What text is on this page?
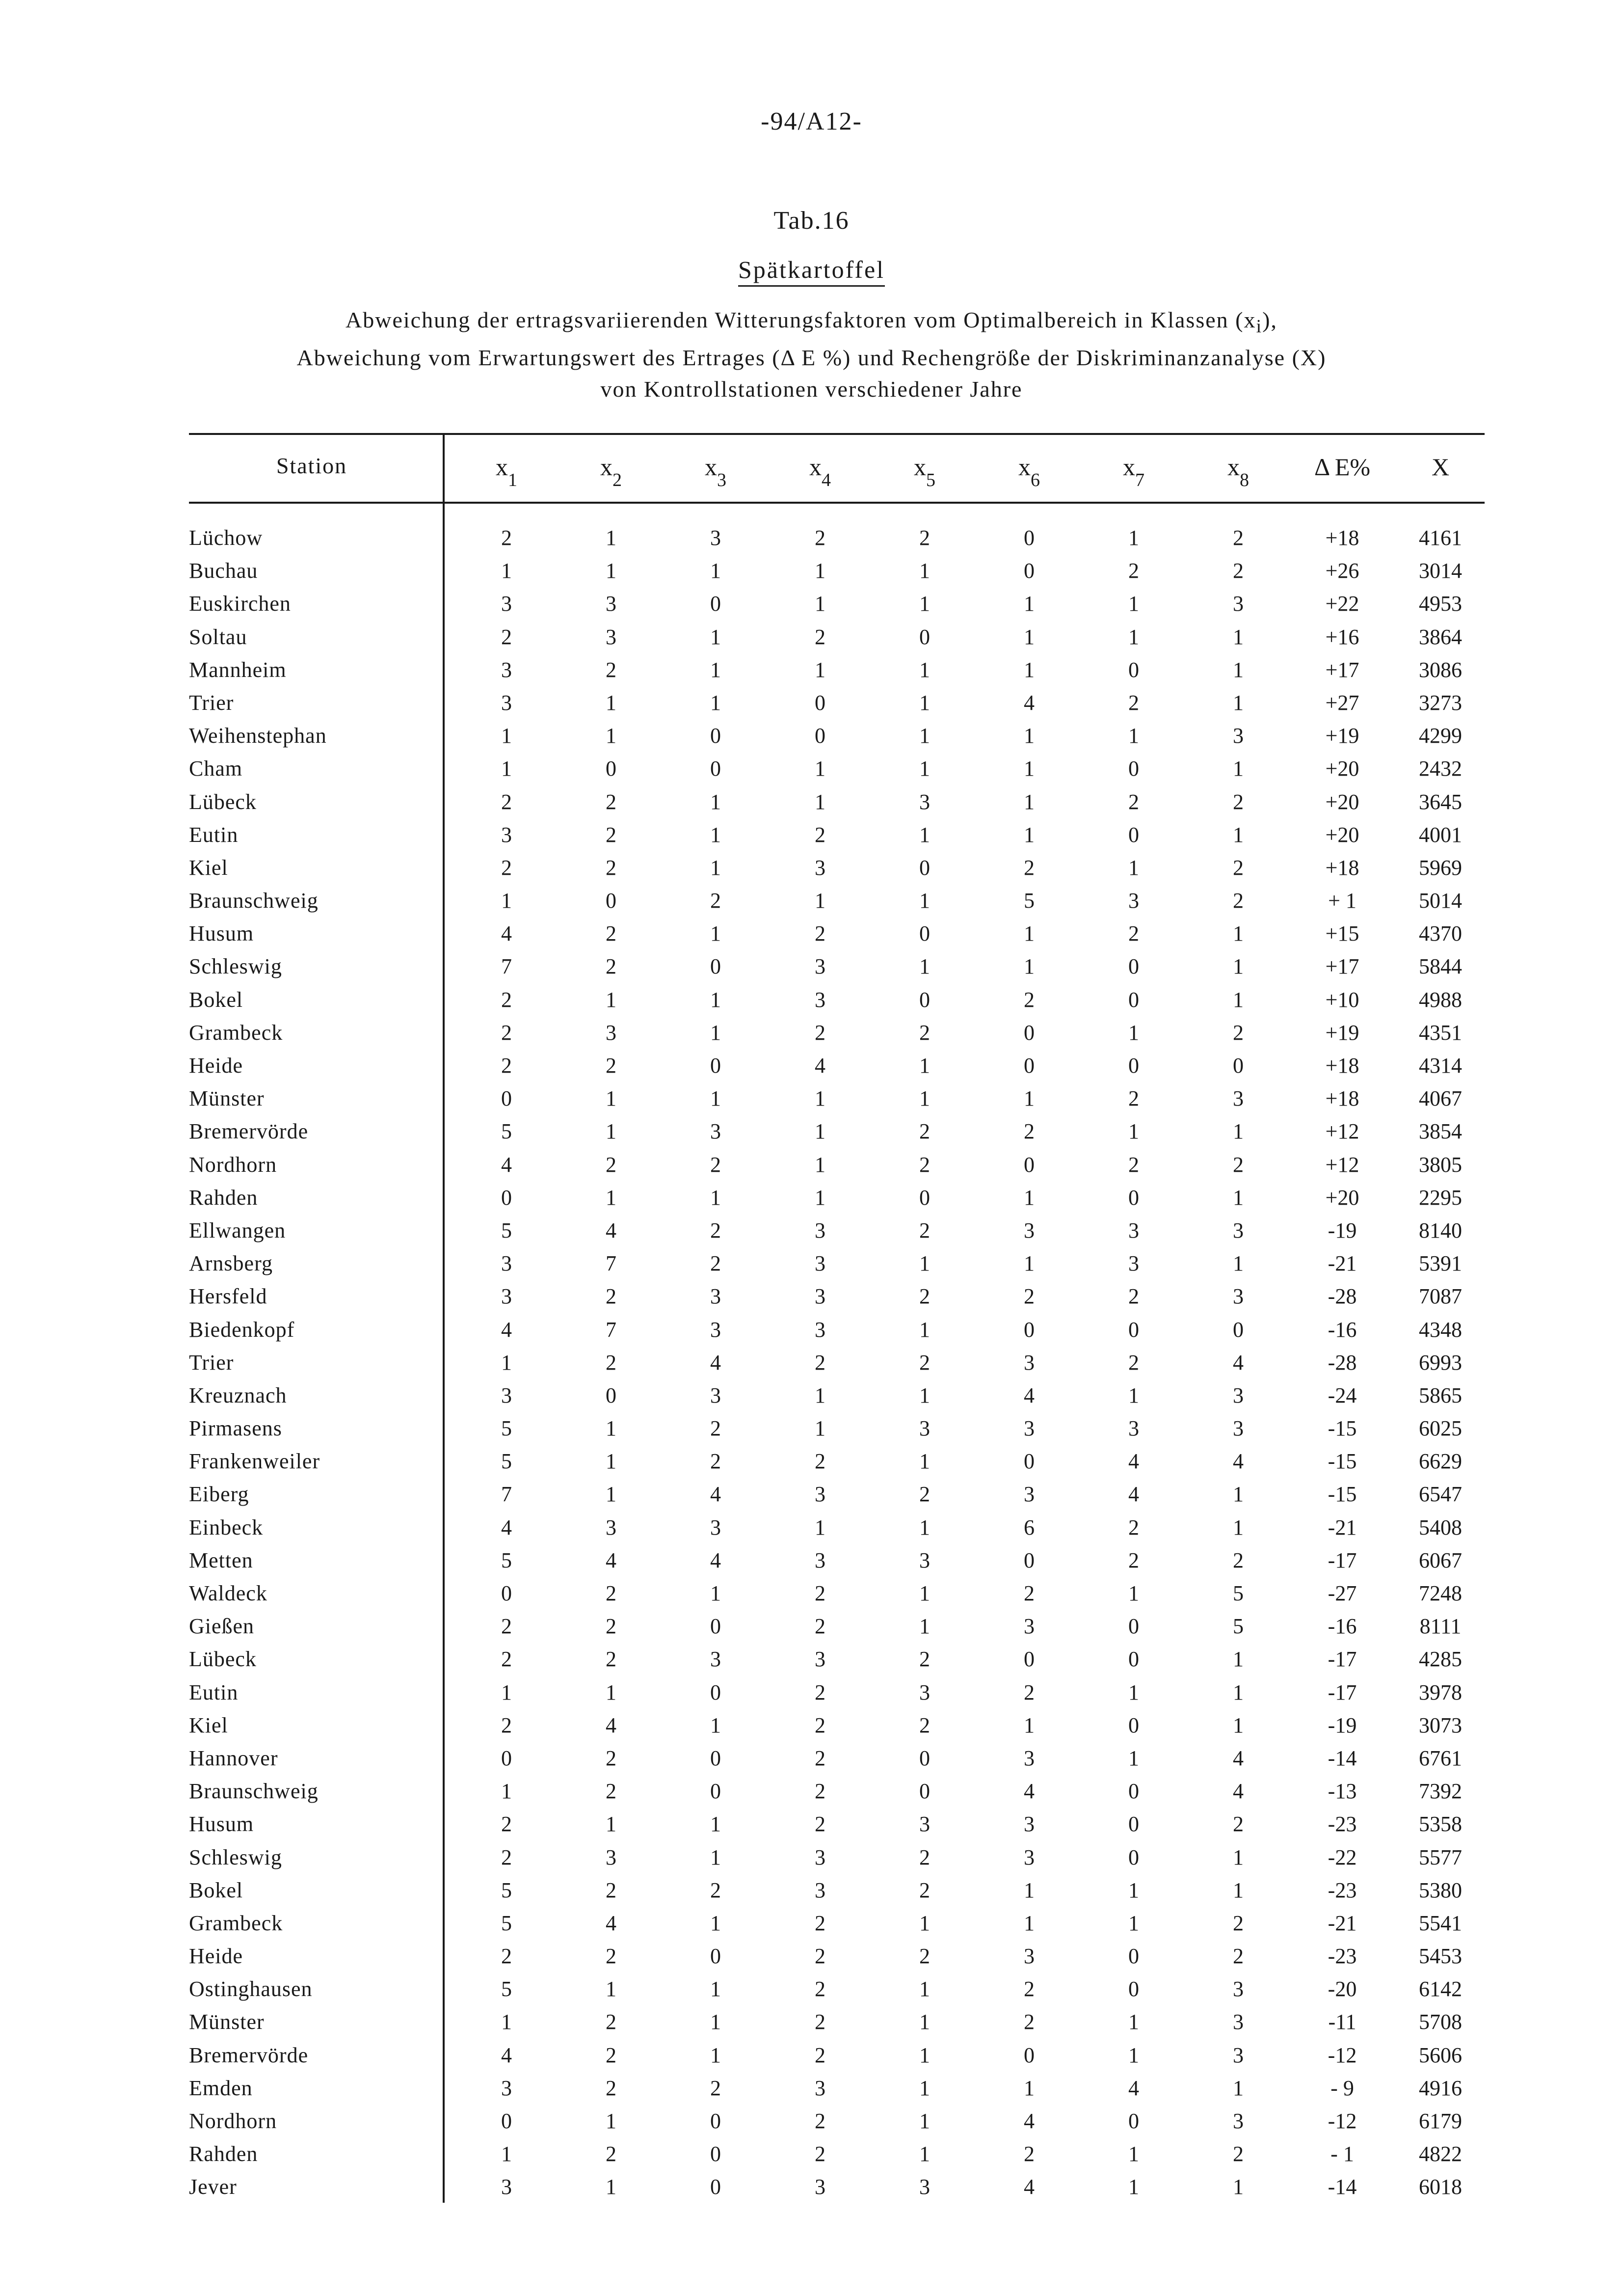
-94/A12-
Tab.16
Spätkartoffel
Abweichung der ertragsvariierenden Witterungsfaktoren vom Optimalbereich in Klassen $(x_i)$,
Abweichung vom Erwartungswert des Ertrages (Δ E %) und Rechengröße der Diskriminanzanalyse (X)
von Kontrollstationen verschiedener Jahre
Station	$x_1$	$x_2$	$x_3$	$x_4$	$x_5$	$x_6$	$x_7$	$x_8$	Δ E%	X
Lüchow	2	1	3	2	2	0	1	2	+18	4161
Buchau	1	1	1	1	1	0	2	2	+26	3014
Euskirchen	3	3	0	1	1	1	1	3	+22	4953
Soltau	2	3	1	2	0	1	1	1	+16	3864
Mannheim	3	2	1	1	1	1	0	1	+17	3086
Trier	3	1	1	0	1	4	2	1	+27	3273
Weihenstephan	1	1	0	0	1	1	1	3	+19	4299
Cham	1	0	0	1	1	1	0	1	+20	2432
Lübeck	2	2	1	1	3	1	2	2	+20	3645
Eutin	3	2	1	2	1	1	0	1	+20	4001
Kiel	2	2	1	3	0	2	1	2	+18	5969
Braunschweig	1	0	2	1	1	5	3	2	+ 1	5014
Husum	4	2	1	2	0	1	2	1	+15	4370
Schleswig	7	2	0	3	1	1	0	1	+17	5844
Bokel	2	1	1	3	0	2	0	1	+10	4988
Grambeck	2	3	1	2	2	0	1	2	+19	4351
Heide	2	2	0	4	1	0	0	0	+18	4314
Münster	0	1	1	1	1	1	2	3	+18	4067
Bremervörde	5	1	3	1	2	2	1	1	+12	3854
Nordhorn	4	2	2	1	2	0	2	2	+12	3805
Rahden	0	1	1	1	0	1	0	1	+20	2295
Ellwangen	5	4	2	3	2	3	3	3	-19	8140
Arnsberg	3	7	2	3	1	1	3	1	-21	5391
Hersfeld	3	2	3	3	2	2	2	3	-28	7087
Biedenkopf	4	7	3	3	1	0	0	0	-16	4348
Trier	1	2	4	2	2	3	2	4	-28	6993
Kreuznach	3	0	3	1	1	4	1	3	-24	5865
Pirmasens	5	1	2	1	3	3	3	3	-15	6025
Frankenweiler	5	1	2	2	1	0	4	4	-15	6629
Eiberg	7	1	4	3	2	3	4	1	-15	6547
Einbeck	4	3	3	1	1	6	2	1	-21	5408
Metten	5	4	4	3	3	0	2	2	-17	6067
Waldeck	0	2	1	2	1	2	1	5	-27	7248
Gießen	2	2	0	2	1	3	0	5	-16	8111
Lübeck	2	2	3	3	2	0	0	1	-17	4285
Eutin	1	1	0	2	3	2	1	1	-17	3978
Kiel	2	4	1	2	2	1	0	1	-19	3073
Hannover	0	2	0	2	0	3	1	4	-14	6761
Braunschweig	1	2	0	2	0	4	0	4	-13	7392
Husum	2	1	1	2	3	3	0	2	-23	5358
Schleswig	2	3	1	3	2	3	0	1	-22	5577
Bokel	5	2	2	3	2	1	1	1	-23	5380
Grambeck	5	4	1	2	1	1	1	2	-21	5541
Heide	2	2	0	2	2	3	0	2	-23	5453
Ostinghausen	5	1	1	2	1	2	0	3	-20	6142
Münster	1	2	1	2	1	2	1	3	-11	5708
Bremervörde	4	2	1	2	1	0	1	3	-12	5606
Emden	3	2	2	3	1	1	4	1	- 9	4916
Nordhorn	0	1	0	2	1	4	0	3	-12	6179
Rahden	1	2	0	2	1	2	1	2	- 1	4822
Jever	3	1	0	3	3	4	1	1	-14	6018
